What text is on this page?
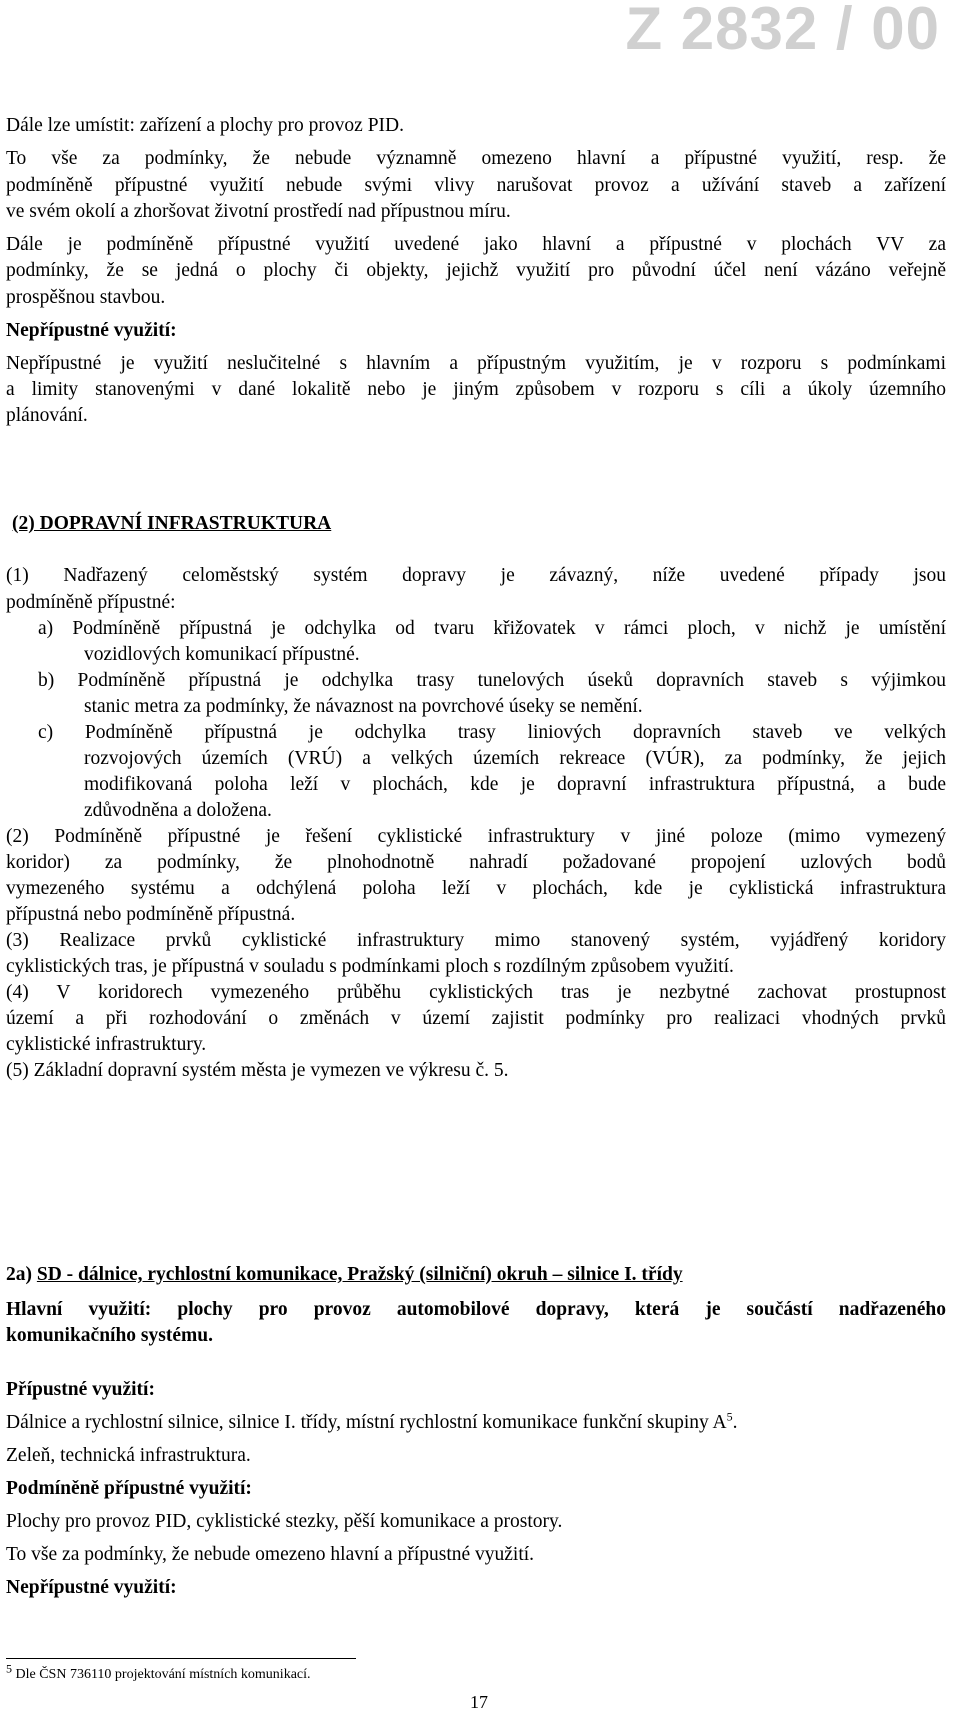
Z 2832 / 00
Dále lze umístit: zařízení a plochy pro provoz PID.
To vše za podmínky, že nebude významně omezeno hlavní a přípustné využití, resp. že
podmíněně přípustné využití nebude svými vlivy narušovat provoz a užívání staveb a zařízení
ve svém okolí a zhoršovat životní prostředí nad přípustnou míru.
Dále je podmíněně přípustné využití uvedené jako hlavní a přípustné v plochách VV za
podmínky, že se jedná o plochy či objekty, jejichž využití pro původní účel není vázáno veřejně
prospěšnou stavbou.
Nepřípustné využití:
Nepřípustné je využití neslučitelné s hlavním a přípustným využitím, je v rozporu s podmínkami
a limity stanovenými v dané lokalitě nebo je jiným způsobem v rozporu s cíli a úkoly územního
plánování.
(2) DOPRAVNÍ INFRASTRUKTURA
(1) Nadřazený celoměstský systém dopravy je závazný, níže uvedené případy jsou
podmíněně přípustné:
a) Podmíněně přípustná je odchylka od tvaru křižovatek v rámci ploch, v nichž je umístění
vozidlových komunikací přípustné.
b) Podmíněně přípustná je odchylka trasy tunelových úseků dopravních staveb s výjimkou
stanic metra za podmínky, že návaznost na povrchové úseky se nemění.
c) Podmíněně přípustná je odchylka trasy liniových dopravních staveb ve velkých
rozvojových územích (VRÚ) a velkých územích rekreace (VÚR), za podmínky, že jejich
modifikovaná poloha leží v plochách, kde je dopravní infrastruktura přípustná, a bude
zdůvodněna a doložena.
(2) Podmíněně přípustné je řešení cyklistické infrastruktury v jiné poloze (mimo vymezený
koridor) za podmínky, že plnohodnotně nahradí požadované propojení uzlových bodů
vymezeného systému a odchýlená poloha leží v plochách, kde je cyklistická infrastruktura
přípustná nebo podmíněně přípustná.
(3) Realizace prvků cyklistické infrastruktury mimo stanovený systém, vyjádřený koridory
cyklistických tras, je přípustná v souladu s podmínkami ploch s rozdílným způsobem využití.
(4) V koridorech vymezeného průběhu cyklistických tras je nezbytné zachovat prostupnost
území a při rozhodování o změnách v území zajistit podmínky pro realizaci vhodných prvků
cyklistické infrastruktury.
(5) Základní dopravní systém města je vymezen ve výkresu č. 5.
2a) SD - dálnice, rychlostní komunikace, Pražský (silniční) okruh – silnice I. třídy
Hlavní využití: plochy pro provoz automobilové dopravy, která je součástí nadřazeného
komunikačního systému.
Přípustné využití:
Dálnice a rychlostní silnice, silnice I. třídy, místní rychlostní komunikace funkční skupiny $A^5$.
Zeleň, technická infrastruktura.
Podmíněně přípustné využití:
Plochy pro provoz PID, cyklistické stezky, pěší komunikace a prostory.
To vše za podmínky, že nebude omezeno hlavní a přípustné využití.
Nepřípustné využití:
$^5$ Dle ČSN 736110 projektování místních komunikací.
17
